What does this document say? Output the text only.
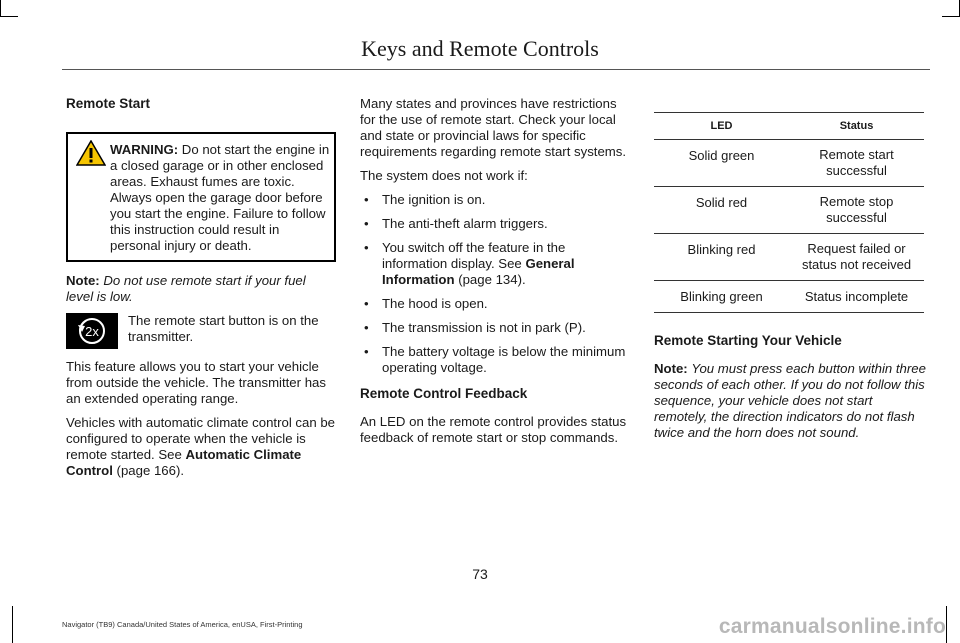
Keys and Remote Controls
Remote Start
WARNING: Do not start the engine in a closed garage or in other enclosed areas. Exhaust fumes are toxic. Always open the garage door before you start the engine. Failure to follow this instruction could result in personal injury or death.

Note: Do not use remote start if your fuel level is low.

2x
The remote start button is on the transmitter.

This feature allows you to start your vehicle from outside the vehicle. The transmitter has an extended operating range.

Vehicles with automatic climate control can be configured to operate when the vehicle is remote started. See Automatic Climate Control (page 166).

Many states and provinces have restrictions for the use of remote start. Check your local and state or provincial laws for specific requirements regarding remote start systems.

The system does not work if:

• The ignition is on.
• The anti-theft alarm triggers.
• You switch off the feature in the information display. See General Information (page 134).
• The hood is open.
• The transmission is not in park (P).
• The battery voltage is below the minimum operating voltage.
Remote Control Feedback

An LED on the remote control provides status feedback of remote start or stop commands.

LED	Status
Solid green	Remote start successful
Solid red	Remote stop successful
Blinking red	Request failed or status not received
Blinking green	Status incomplete
Remote Starting Your Vehicle

Note: You must press each button within three seconds of each other. If you do not follow this sequence, your vehicle does not start remotely, the direction indicators do not flash twice and the horn does not sound.

73
Navigator (TB9) Canada/United States of America, enUSA, First-Printing	carmanualsonline.info
